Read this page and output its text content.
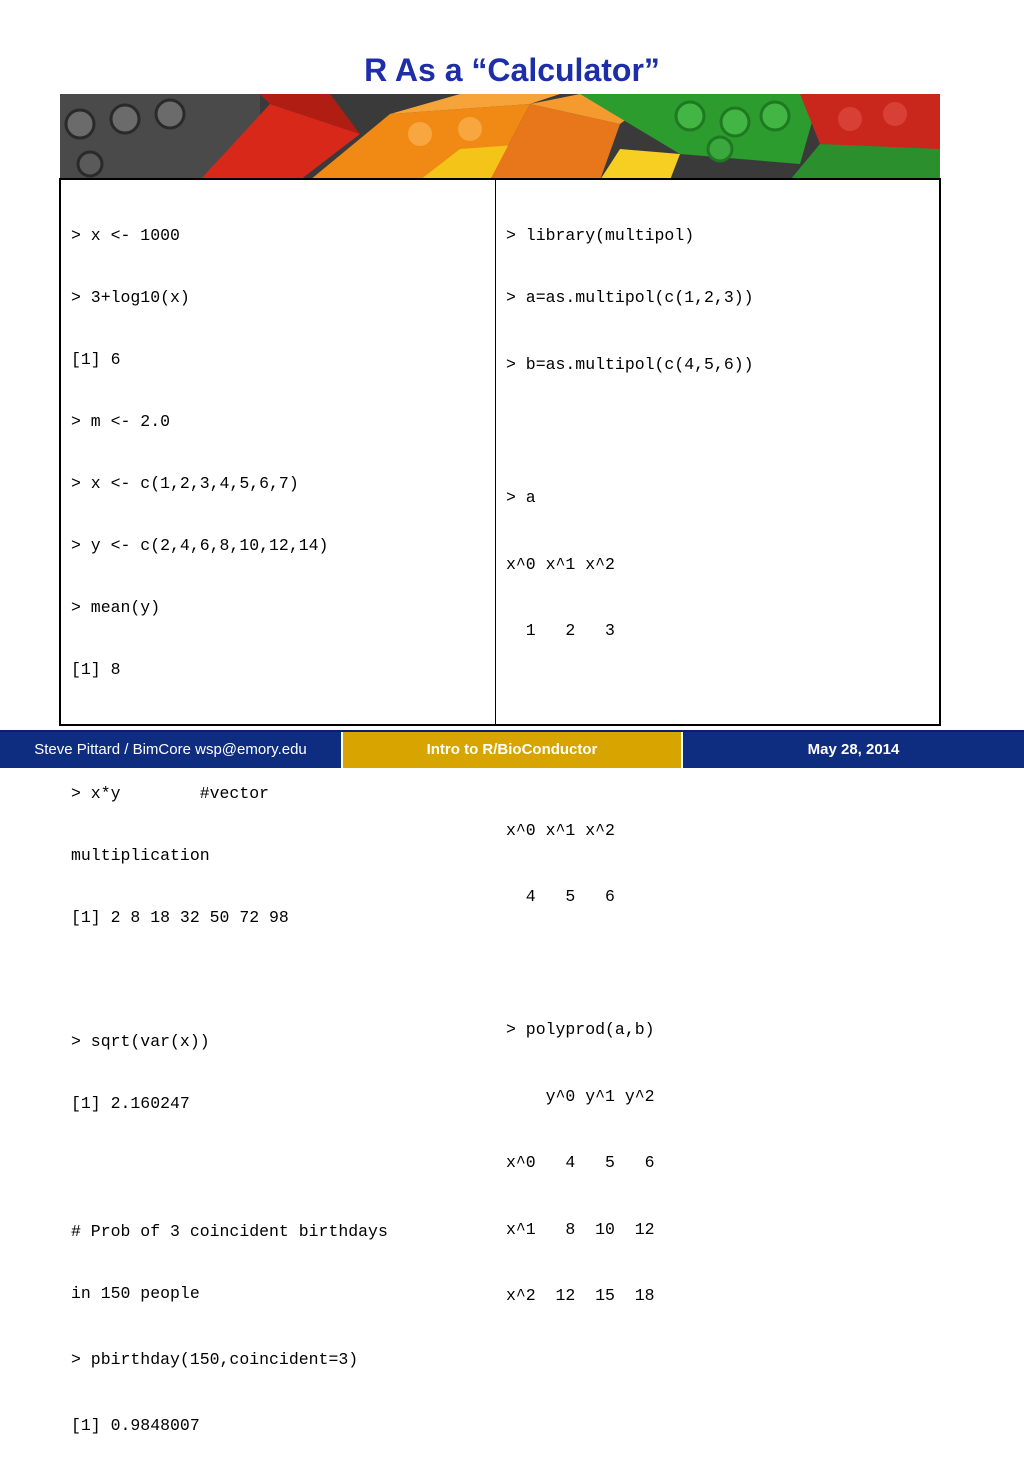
R As a “Calculator”

> x <- 1000

> 3+log10(x)

[1] 6

> m <- 2.0

> x <- c(1,2,3,4,5,6,7)

> y <- c(2,4,6,8,10,12,14)

> mean(y)

[1] 8

> x*y        #vector

multiplication

[1] 2 8 18 32 50 72 98

> sqrt(var(x))

[1] 2.160247

# Prob of 3 coincident birthdays

in 150 people

> pbirthday(150,coincident=3)

[1] 0.9848007

> library(multipol)

> a=as.multipol(c(1,2,3))

> b=as.multipol(c(4,5,6))

> a

x^0 x^1 x^2

1   2   3

x^0 x^1 x^2

4   5   6

> polyprod(a,b)

y^0 y^1 y^2

x^0   4   5   6

x^1   8  10  12

x^2  12  15  18

Steve Pittard / BimCore wsp@emory.edu	Intro to R/BioConductor	May 28, 2014
